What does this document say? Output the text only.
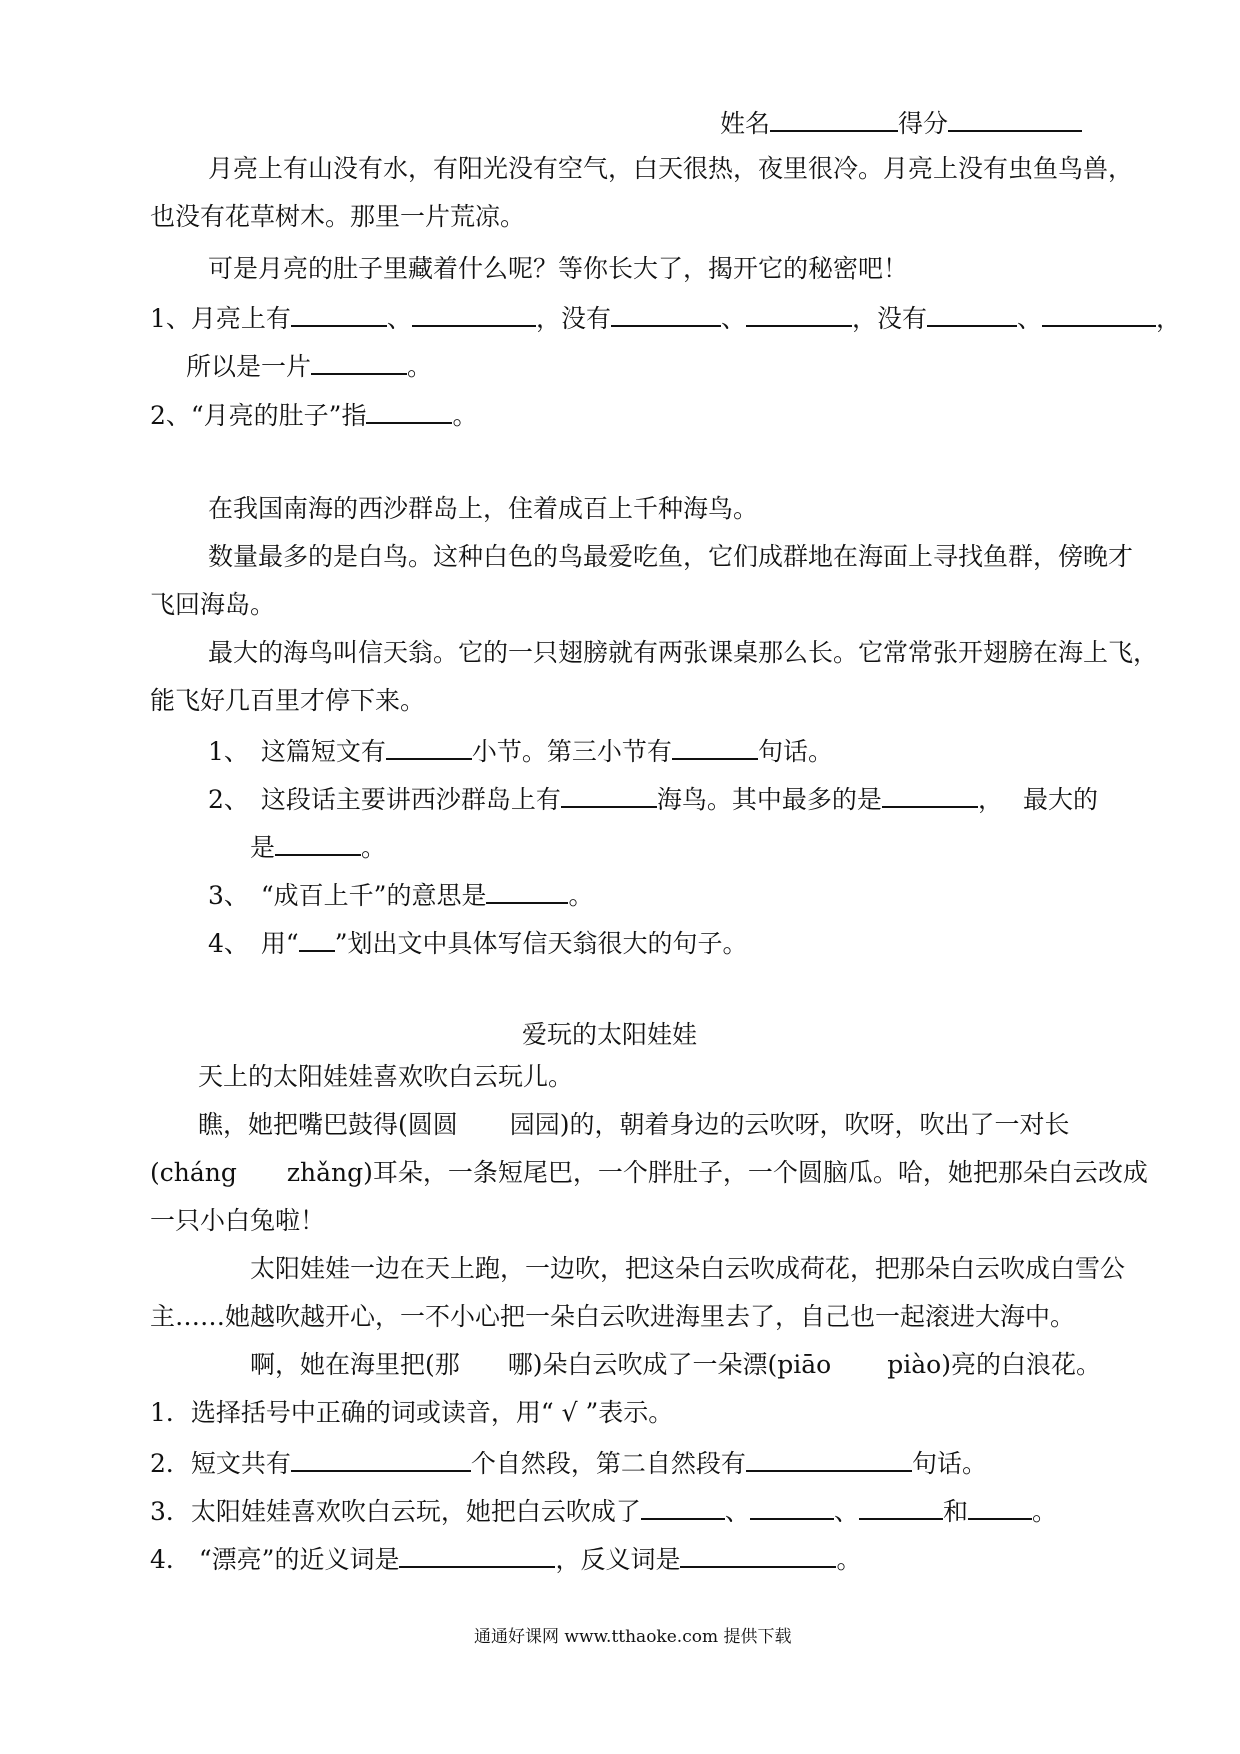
姓名	得分
月亮上有山没有水，有阳光没有空气，白天很热，夜里很冷。月亮上没有虫鱼鸟兽，
也没有花草树木。那里一片荒凉。
可是月亮的肚子里藏着什么呢？等你长大了，揭开它的秘密吧！
1、月亮上有	、	，没有	、	，没有	、	，
所以是一片	。
2、“月亮的肚子”指	。
在我国南海的西沙群岛上，住着成百上千种海鸟。
数量最多的是白鸟。这种白色的鸟最爱吃鱼，它们成群地在海面上寻找鱼群，傍晚才
飞回海岛。
最大的海鸟叫信天翁。它的一只翅膀就有两张课桌那么长。它常常张开翅膀在海上飞，
能飞好几百里才停下来。
1、 这篇短文有	小节。第三小节有	句话。
2、 这段话主要讲西沙群岛上有	海鸟。其中最多的是	， 最大的
是	。
3、 “成百上千”的意思是	。
4、 用“ ”划出文中具体写信天翁很大的句子。
爱玩的太阳娃娃
天上的太阳娃娃喜欢吹白云玩儿。
瞧，她把嘴巴鼓得(圆圆 园园)的，朝着身边的云吹呀，吹呀，吹出了一对长
(cháng zhǎng)耳朵，一条短尾巴，一个胖肚子，一个圆脑瓜。哈，她把那朵白云改成
一只小白兔啦！
太阳娃娃一边在天上跑，一边吹，把这朵白云吹成荷花，把那朵白云吹成白雪公
主……她越吹越开心，一不小心把一朵白云吹进海里去了，自己也一起滚进大海中。
啊，她在海里把(那 哪)朵白云吹成了一朵漂(piāo piào)亮的白浪花。
1．选择括号中正确的词或读音，用“ √ ”表示。
2．短文共有	个自然段，第二自然段有	句话。
3．太阳娃娃喜欢吹白云玩，她把白云吹成了	、	、	和	。
4． “漂亮”的近义词是	，反义词是	。
通通好课网 www.tthaoke.com 提供下载
